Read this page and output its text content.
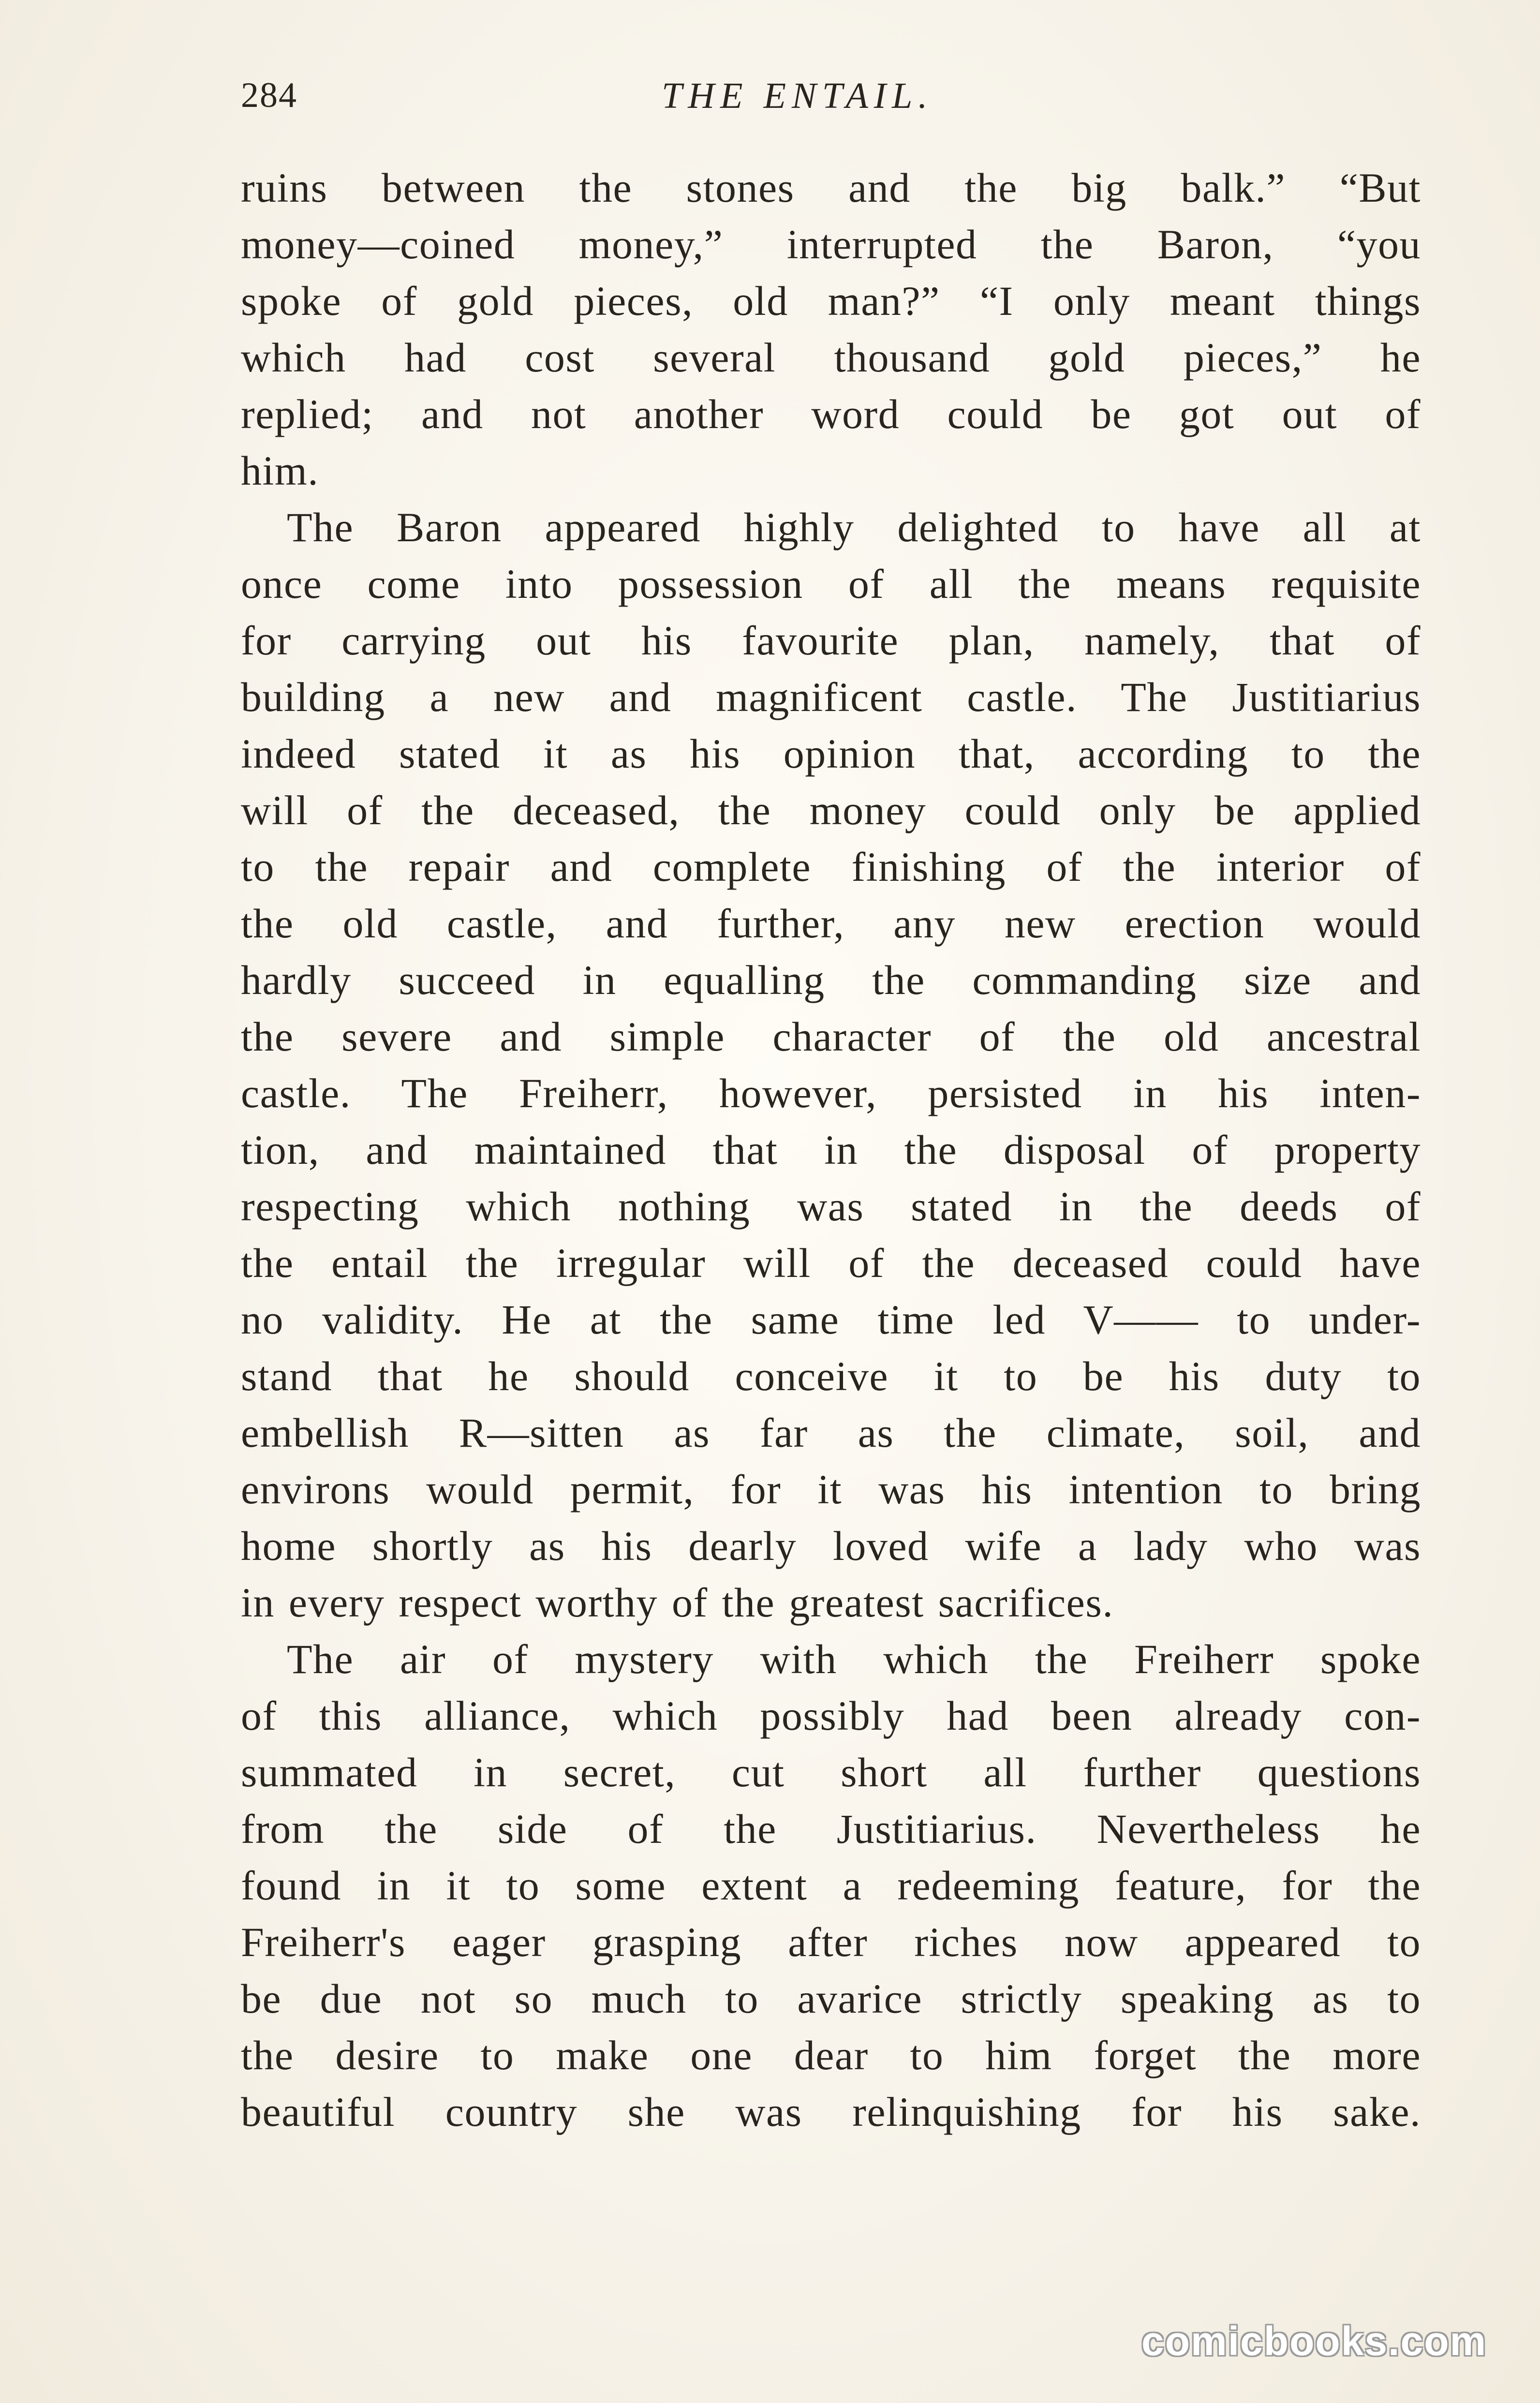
284	THE ENTAIL.
ruins between the stones and the big balk.” “But
money—coined money,” interrupted the Baron, “you
spoke of gold pieces, old man?” “I only meant things
which had cost several thousand gold pieces,” he
replied; and not another word could be got out of
him.
The Baron appeared highly delighted to have all at
once come into possession of all the means requisite
for carrying out his favourite plan, namely, that of
building a new and magnificent castle. The Justitiarius
indeed stated it as his opinion that, according to the
will of the deceased, the money could only be applied
to the repair and complete finishing of the interior of
the old castle, and further, any new erection would
hardly succeed in equalling the commanding size and
the severe and simple character of the old ancestral
castle. The Freiherr, however, persisted in his inten-
tion, and maintained that in the disposal of property
respecting which nothing was stated in the deeds of
the entail the irregular will of the deceased could have
no validity. He at the same time led V—— to under-
stand that he should conceive it to be his duty to
embellish R—sitten as far as the climate, soil, and
environs would permit, for it was his intention to bring
home shortly as his dearly loved wife a lady who was
in every respect worthy of the greatest sacrifices.
The air of mystery with which the Freiherr spoke
of this alliance, which possibly had been already con-
summated in secret, cut short all further questions
from the side of the Justitiarius. Nevertheless he
found in it to some extent a redeeming feature, for the
Freiherr's eager grasping after riches now appeared to
be due not so much to avarice strictly speaking as to
the desire to make one dear to him forget the more
beautiful country she was relinquishing for his sake.
comicbooks.com
